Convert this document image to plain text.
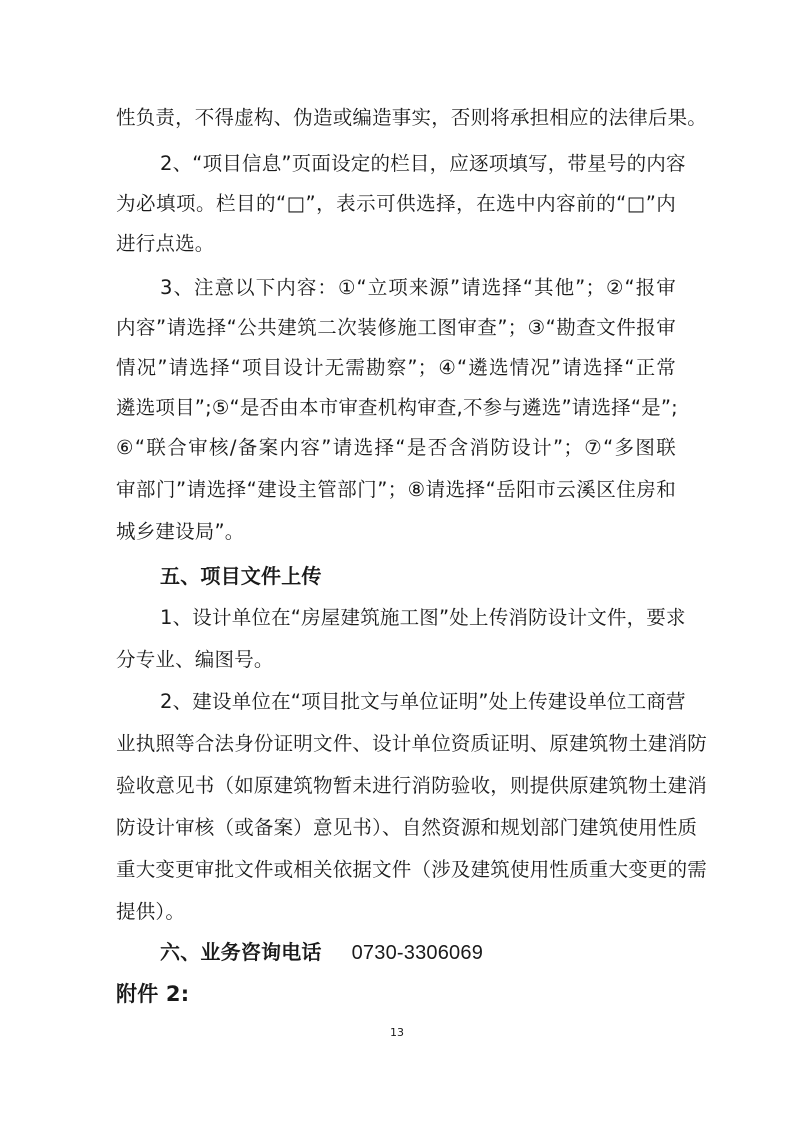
性负责，不得虚构、伪造或编造事实，否则将承担相应的法律后果。
2、“项目信息”页面设定的栏目，应逐项填写，带星号的内容
为必填项。栏目的“□”，表示可供选择，在选中内容前的“□”内
进行点选。
3、注意以下内容：①“立项来源”请选择“其他”；②“报审
内容”请选择“公共建筑二次装修施工图审查”；③“勘查文件报审
情况”请选择“项目设计无需勘察”；④“遴选情况”请选择“正常
遴选项目”;⑤“是否由本市审查机构审查,不参与遴选”请选择“是”;
⑥“联合审核/备案内容”请选择“是否含消防设计”；⑦“多图联
审部门”请选择“建设主管部门”；⑧请选择“岳阳市云溪区住房和
城乡建设局”。
五、项目文件上传
1、设计单位在“房屋建筑施工图”处上传消防设计文件，要求
分专业、编图号。
2、建设单位在“项目批文与单位证明”处上传建设单位工商营
业执照等合法身份证明文件、设计单位资质证明、原建筑物土建消防
验收意见书（如原建筑物暂未进行消防验收，则提供原建筑物土建消
防设计审核（或备案）意见书）、自然资源和规划部门建筑使用性质
重大变更审批文件或相关依据文件（涉及建筑使用性质重大变更的需
提供）。
六、业务咨询电话 0730-3306069
附件 2:
13
